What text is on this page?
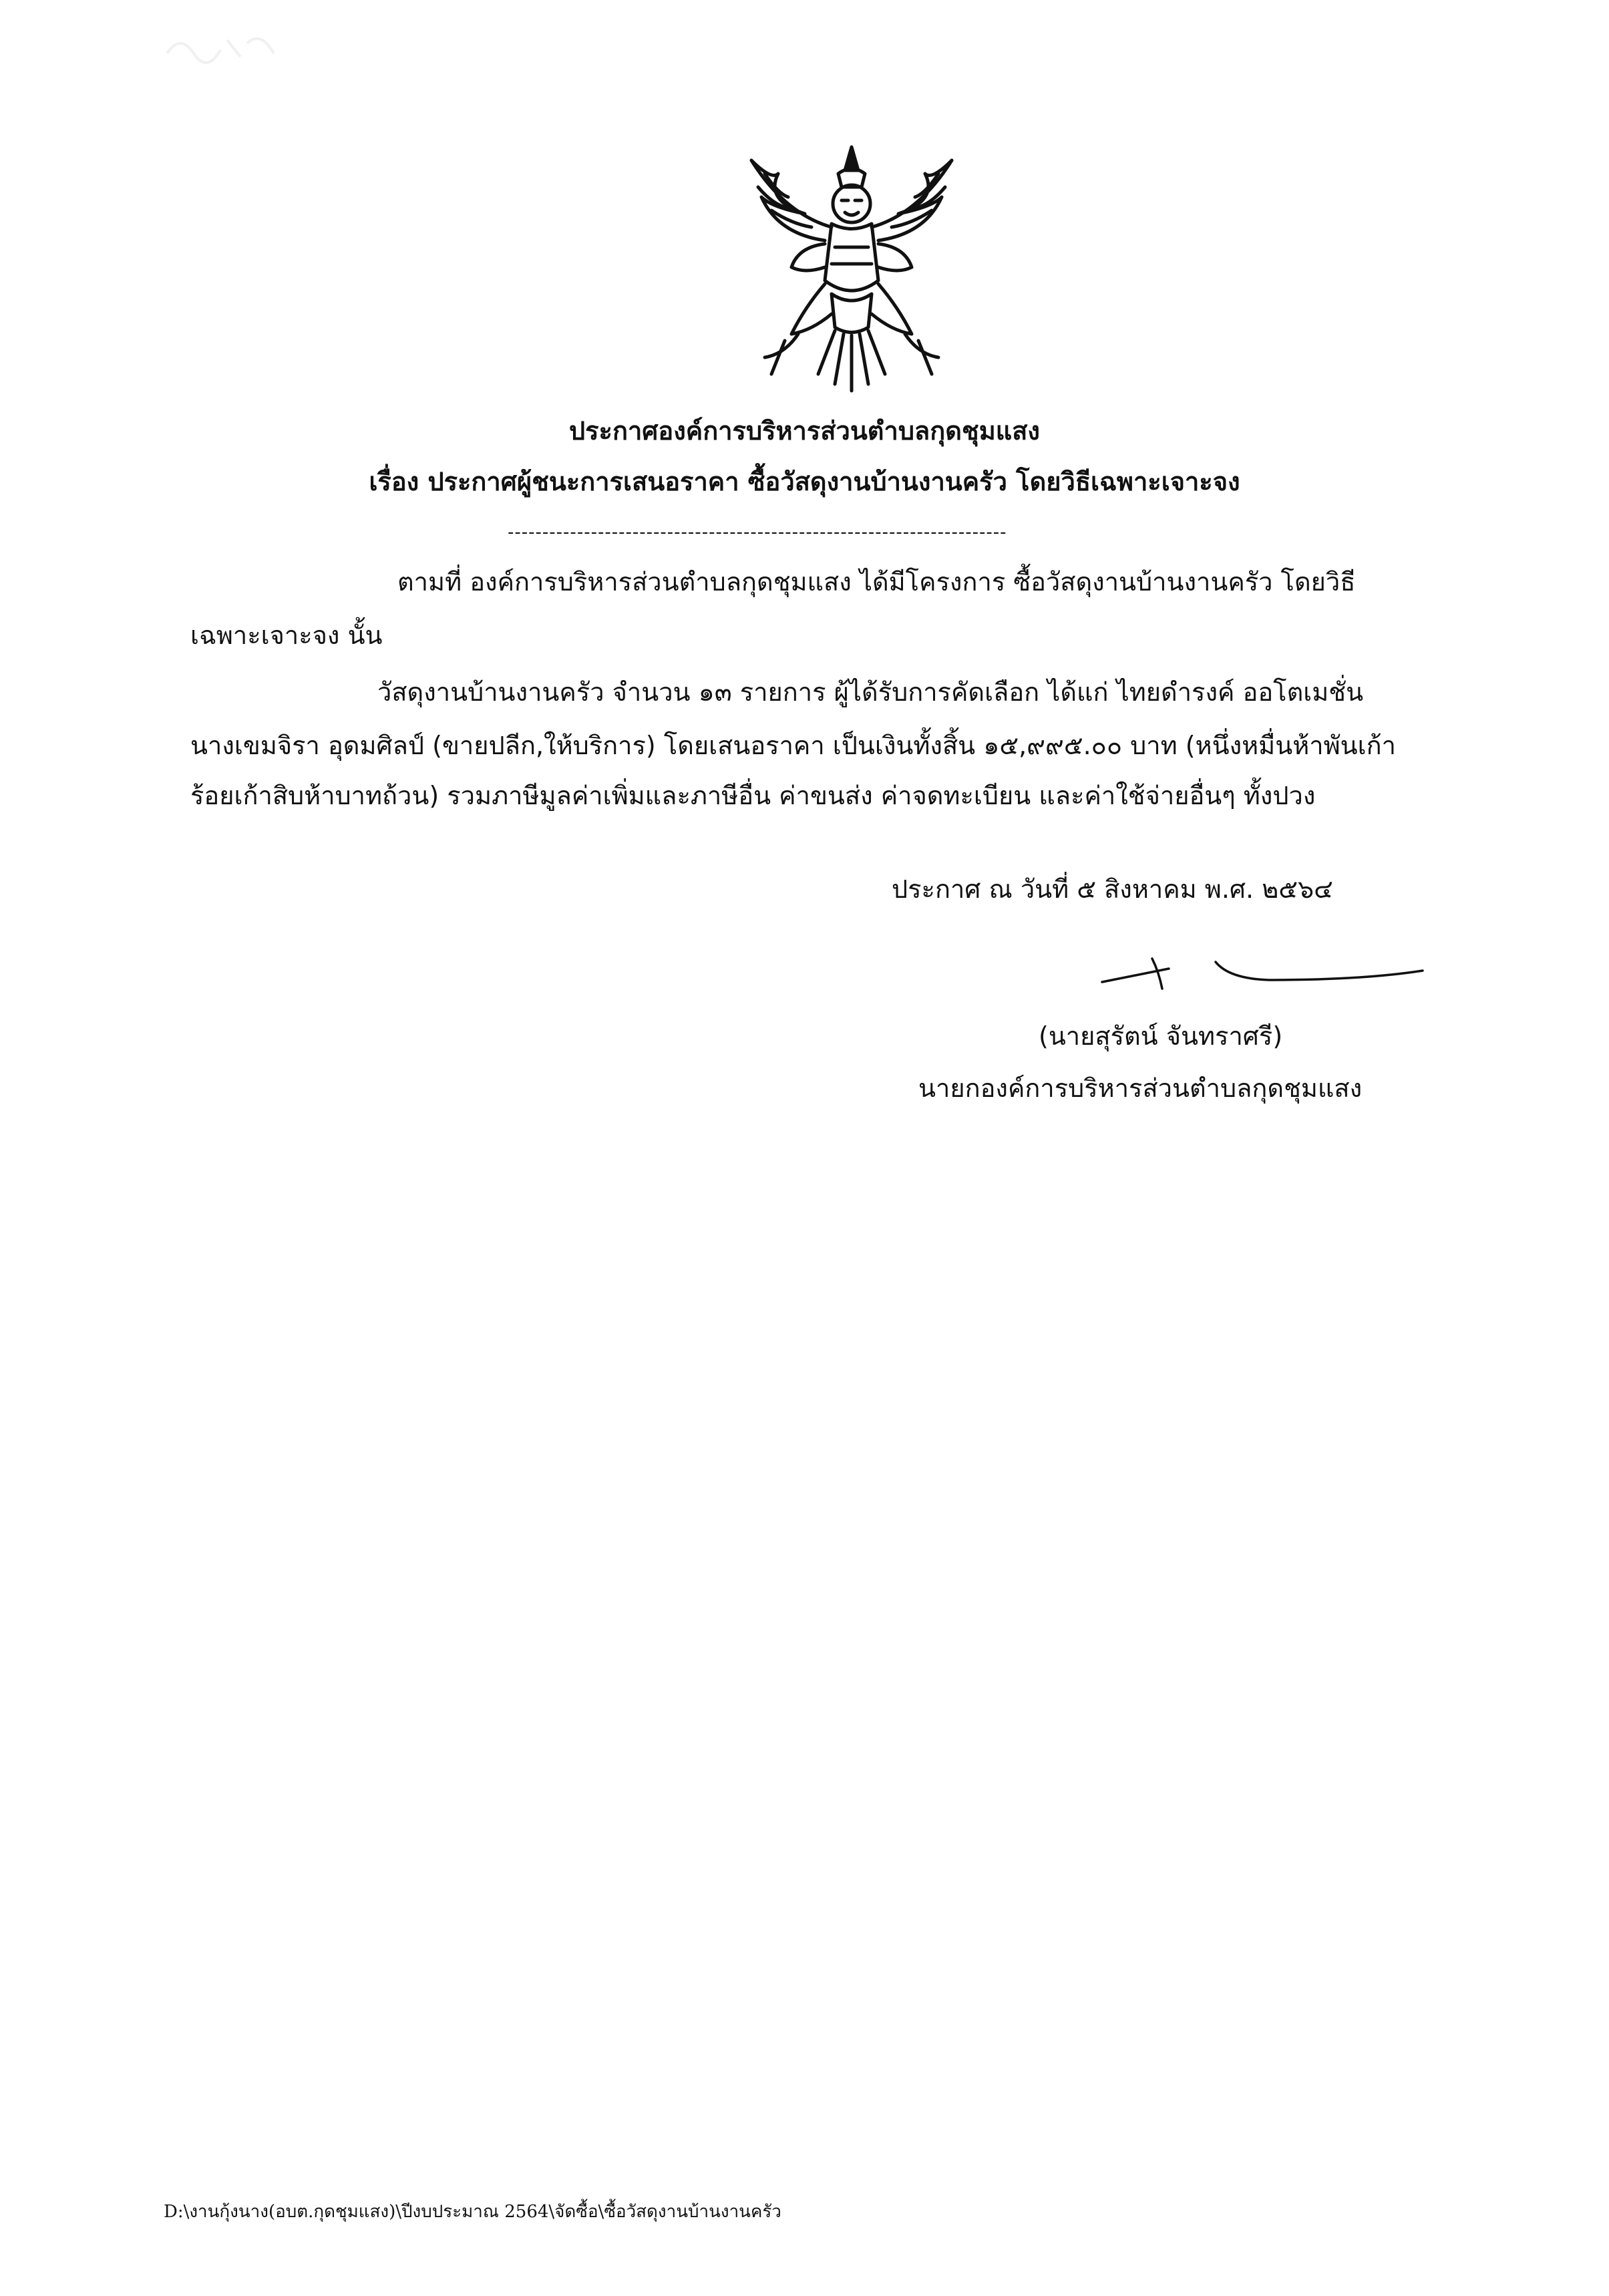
ประกาศองค์การบริหารส่วนตำบลกุดชุมแสง
เรื่อง ประกาศผู้ชนะการเสนอราคา ซื้อวัสดุงานบ้านงานครัว โดยวิธีเฉพาะเจาะจง
------------------------------------------------------------------------
ตามที่ องค์การบริหารส่วนตำบลกุดชุมแสง ได้มีโครงการ ซื้อวัสดุงานบ้านงานครัว โดยวิธี
เฉพาะเจาะจง นั้น
วัสดุงานบ้านงานครัว จำนวน ๑๓ รายการ ผู้ได้รับการคัดเลือก ได้แก่ ไทยดำรงค์ ออโตเมชั่น
นางเขมจิรา อุดมศิลป์ (ขายปลีก,ให้บริการ) โดยเสนอราคา เป็นเงินทั้งสิ้น ๑๕,๙๙๕.๐๐ บาท (หนึ่งหมื่นห้าพันเก้า
ร้อยเก้าสิบห้าบาทถ้วน) รวมภาษีมูลค่าเพิ่มและภาษีอื่น ค่าขนส่ง ค่าจดทะเบียน และค่าใช้จ่ายอื่นๆ ทั้งปวง
ประกาศ ณ วันที่ ๕ สิงหาคม พ.ศ. ๒๕๖๔
(นายสุรัตน์ จันทราศรี)
นายกองค์การบริหารส่วนตำบลกุดชุมแสง
D:\งานกุ้งนาง(อบต.กุดชุมแสง)\ปีงบประมาณ 2564\จัดซื้อ\ซื้อวัสดุงานบ้านงานครัว
